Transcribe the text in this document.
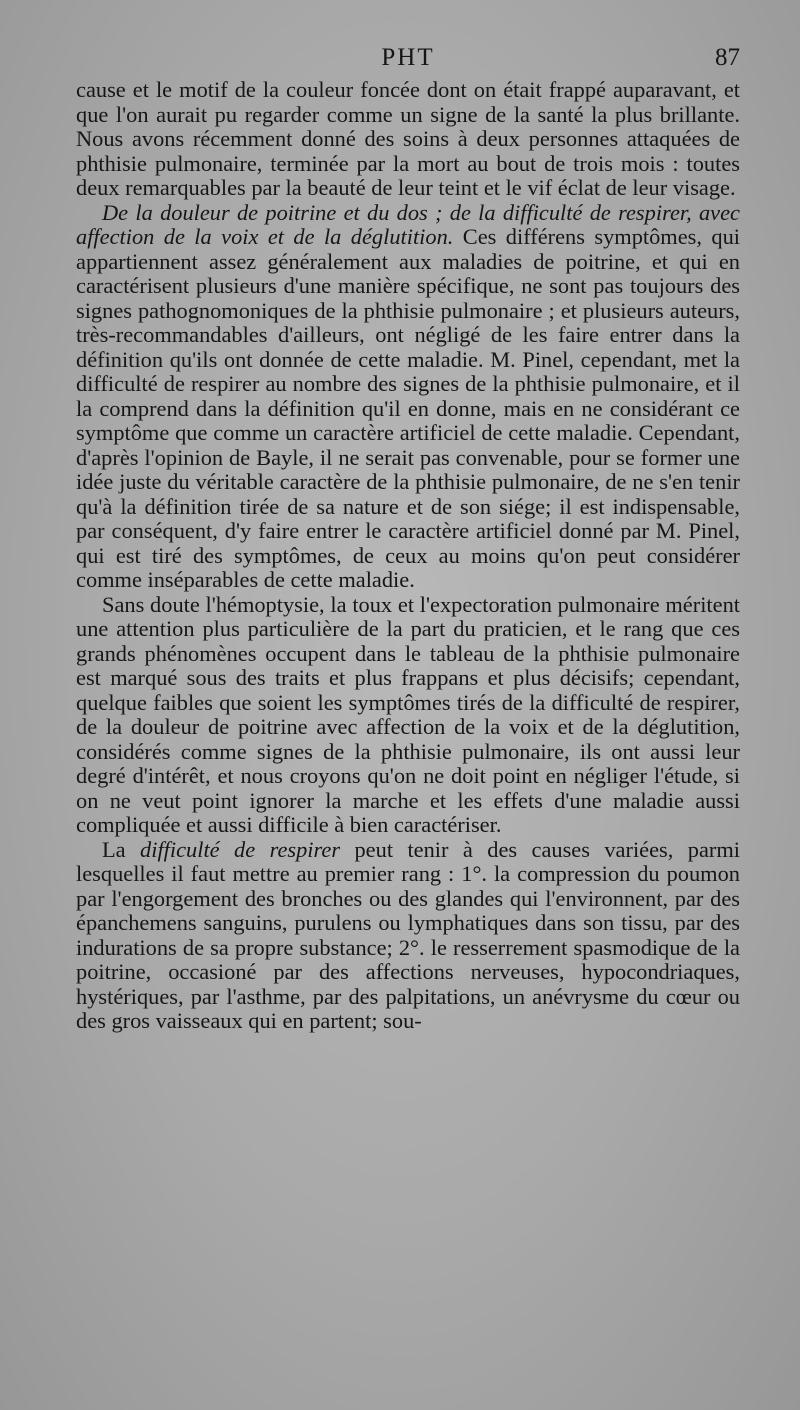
PHT	87

cause et le motif de la couleur foncée dont on était frappé auparavant, et que l'on aurait pu regarder comme un signe de la santé la plus brillante. Nous avons récemment donné des soins à deux personnes attaquées de phthisie pulmonaire, terminée par la mort au bout de trois mois : toutes deux remarquables par la beauté de leur teint et le vif éclat de leur visage.

De la douleur de poitrine et du dos ; de la difficulté de respirer, avec affection de la voix et de la déglutition. Ces différens symptômes, qui appartiennent assez généralement aux maladies de poitrine, et qui en caractérisent plusieurs d'une manière spécifique, ne sont pas toujours des signes pathognomoniques de la phthisie pulmonaire ; et plusieurs auteurs, très-recommandables d'ailleurs, ont négligé de les faire entrer dans la définition qu'ils ont donnée de cette maladie. M. Pinel, cependant, met la difficulté de respirer au nombre des signes de la phthisie pulmonaire, et il la comprend dans la définition qu'il en donne, mais en ne considérant ce symptôme que comme un caractère artificiel de cette maladie. Cependant, d'après l'opinion de Bayle, il ne serait pas convenable, pour se former une idée juste du véritable caractère de la phthisie pulmonaire, de ne s'en tenir qu'à la définition tirée de sa nature et de son siége; il est indispensable, par conséquent, d'y faire entrer le caractère artificiel donné par M. Pinel, qui est tiré des symptômes, de ceux au moins qu'on peut considérer comme inséparables de cette maladie.

Sans doute l'hémoptysie, la toux et l'expectoration pulmonaire méritent une attention plus particulière de la part du praticien, et le rang que ces grands phénomènes occupent dans le tableau de la phthisie pulmonaire est marqué sous des traits et plus frappans et plus décisifs; cependant, quelque faibles que soient les symptômes tirés de la difficulté de respirer, de la douleur de poitrine avec affection de la voix et de la déglutition, considérés comme signes de la phthisie pulmonaire, ils ont aussi leur degré d'intérêt, et nous croyons qu'on ne doit point en négliger l'étude, si on ne veut point ignorer la marche et les effets d'une maladie aussi compliquée et aussi difficile à bien caractériser.

La difficulté de respirer peut tenir à des causes variées, parmi lesquelles il faut mettre au premier rang : 1°. la compression du poumon par l'engorgement des bronches ou des glandes qui l'environnent, par des épanchemens sanguins, purulens ou lymphatiques dans son tissu, par des indurations de sa propre substance; 2°. le resserrement spasmodique de la poitrine, occasioné par des affections nerveuses, hypocondriaques, hystériques, par l'asthme, par des palpitations, un anévrysme du cœur ou des gros vaisseaux qui en partent; sou-
